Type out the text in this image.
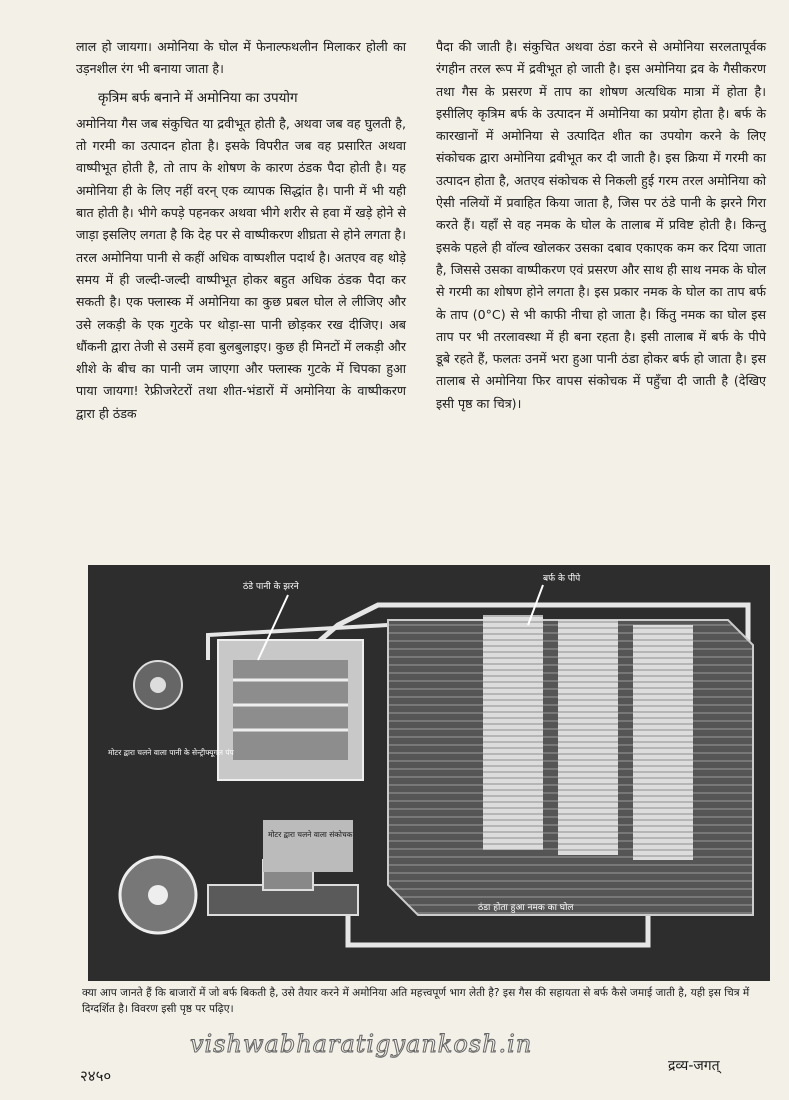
लाल हो जायगा। अमोनिया के घोल में फेनाल्फथलीन मिलाकर होली का उड़नशील रंग भी बनाया जाता है।

कृत्रिम बर्फ बनाने में अमोनिया का उपयोग

अमोनिया गैस जब संकुचित या द्रवीभूत होती है, अथवा जब वह घुलती है, तो गरमी का उत्पादन होता है। इसके विपरीत जब वह प्रसारित अथवा वाष्पीभूत होती है, तो ताप के शोषण के कारण ठंडक पैदा होती है। यह अमोनिया ही के लिए नहीं वरन् एक व्यापक सिद्धांत है। पानी में भी यही बात होती है। भीगे कपड़े पहनकर अथवा भीगे शरीर से हवा में खड़े होने से जाड़ा इसलिए लगता है कि देह पर से वाष्पीकरण शीघ्रता से होने लगता है। तरल अमोनिया पानी से कहीं अधिक वाष्पशील पदार्थ है। अतएव वह थोड़े समय में ही जल्दी-जल्दी वाष्पीभूत होकर बहुत अधिक ठंडक पैदा कर सकती है। एक फ्लास्क में अमोनिया का कुछ प्रबल घोल ले लीजिए और उसे लकड़ी के एक गुटके पर थोड़ा-सा पानी छोड़कर रख दीजिए। अब धौंकनी द्वारा तेजी से उसमें हवा बुलबुलाइए। कुछ ही मिनटों में लकड़ी और शीशे के बीच का पानी जम जाएगा और फ्लास्क गुटके में चिपका हुआ पाया जायगा! रेफ्रीजरेटरों तथा शीत-भंडारों में अमोनिया के वाष्पीकरण द्वारा ही ठंडक

पैदा की जाती है। संकुचित अथवा ठंडा करने से अमोनिया सरलतापूर्वक रंगहीन तरल रूप में द्रवीभूत हो जाती है। इस अमोनिया द्रव के गैसीकरण तथा गैस के प्रसरण में ताप का शोषण अत्यधिक मात्रा में होता है। इसीलिए कृत्रिम बर्फ के उत्पादन में अमोनिया का प्रयोग होता है। बर्फ के कारखानों में अमोनिया से उत्पादित शीत का उपयोग करने के लिए संकोचक द्वारा अमोनिया द्रवीभूत कर दी जाती है। इस क्रिया में गरमी का उत्पादन होता है, अतएव संकोचक से निकली हुई गरम तरल अमोनिया को ऐसी नलियों में प्रवाहित किया जाता है, जिस पर ठंडे पानी के झरने गिरा करते हैं। यहाँ से वह नमक के घोल के तालाब में प्रविष्ट होती है। किन्तु इसके पहले ही वॉल्व खोलकर उसका दबाव एकाएक कम कर दिया जाता है, जिससे उसका वाष्पीकरण एवं प्रसरण और साथ ही साथ नमक के घोल से गरमी का शोषण होने लगता है। इस प्रकार नमक के घोल का ताप बर्फ के ताप (0°C) से भी काफी नीचा हो जाता है। किंतु नमक का घोल इस ताप पर भी तरलावस्था में ही बना रहता है। इसी तालाब में बर्फ के पीपे डूबे रहते हैं, फलतः उनमें भरा हुआ पानी ठंडा होकर बर्फ हो जाता है। इस तालाब से अमोनिया फिर वापस संकोचक में पहुँचा दी जाती है (देखिए इसी पृष्ठ का चित्र)।

ठंडे पानी के झरने
बर्फ के पीपे
मोटर द्वारा चलने वाला पानी के सेन्ट्रीफ्यूगल पंप
मोटर द्वारा चलने वाला संकोचक
ठंडा होता हुआ नमक का घोल
क्या आप जानते हैं कि बाजारों में जो बर्फ बिकती है, उसे तैयार करने में अमोनिया अति महत्त्वपूर्ण भाग लेती है? इस गैस की सहायता से बर्फ कैसे जमाई जाती है, यही इस चित्र में दिग्दर्शित है। विवरण इसी पृष्ठ पर पढ़िए।
vishwabharatigyankosh.in
२४५०
द्रव्य-जगत्
